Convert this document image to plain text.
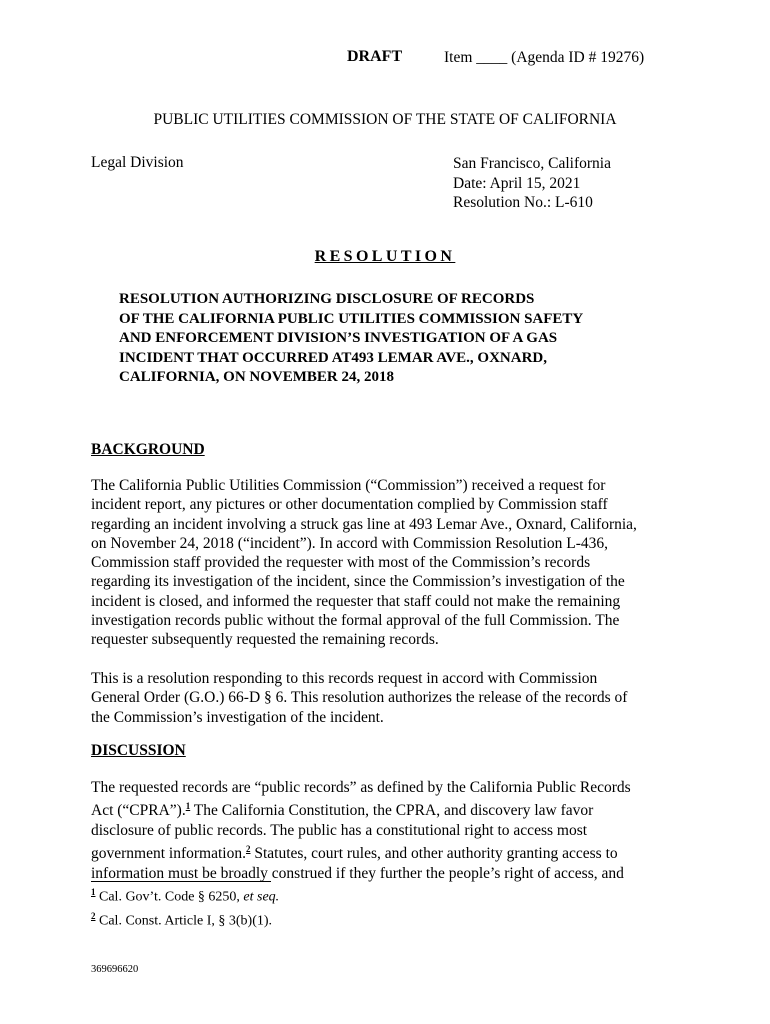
DRAFT	Item ____ (Agenda ID # 19276)
PUBLIC UTILITIES COMMISSION OF THE STATE OF CALIFORNIA
Legal Division	San Francisco, California
Date: April 15, 2021
Resolution No.: L-610
RESOLUTION
RESOLUTION AUTHORIZING DISCLOSURE OF RECORDS
OF THE CALIFORNIA PUBLIC UTILITIES COMMISSION SAFETY
AND ENFORCEMENT DIVISION’S INVESTIGATION OF A GAS
INCIDENT THAT OCCURRED AT493 LEMAR AVE., OXNARD,
CALIFORNIA, ON NOVEMBER 24, 2018
BACKGROUND
The California Public Utilities Commission (“Commission”) received a request for
incident report, any pictures or other documentation complied by Commission staff
regarding an incident involving a struck gas line at 493 Lemar Ave., Oxnard, California,
on November 24, 2018 (“incident”). In accord with Commission Resolution L-436,
Commission staff provided the requester with most of the Commission’s records
regarding its investigation of the incident, since the Commission’s investigation of the
incident is closed, and informed the requester that staff could not make the remaining
investigation records public without the formal approval of the full Commission. The
requester subsequently requested the remaining records.
This is a resolution responding to this records request in accord with Commission
General Order (G.O.) 66-D § 6. This resolution authorizes the release of the records of
the Commission’s investigation of the incident.
DISCUSSION
The requested records are “public records” as defined by the California Public Records
Act (“CPRA”).$^1$ The California Constitution, the CPRA, and discovery law favor
disclosure of public records. The public has a constitutional right to access most
government information.$^2$ Statutes, court rules, and other authority granting access to
information must be broadly construed if they further the people’s right of access, and
$^1$ Cal. Gov’t. Code § 6250, et seq.
$^2$ Cal. Const. Article I, § 3(b)(1).
369696620
